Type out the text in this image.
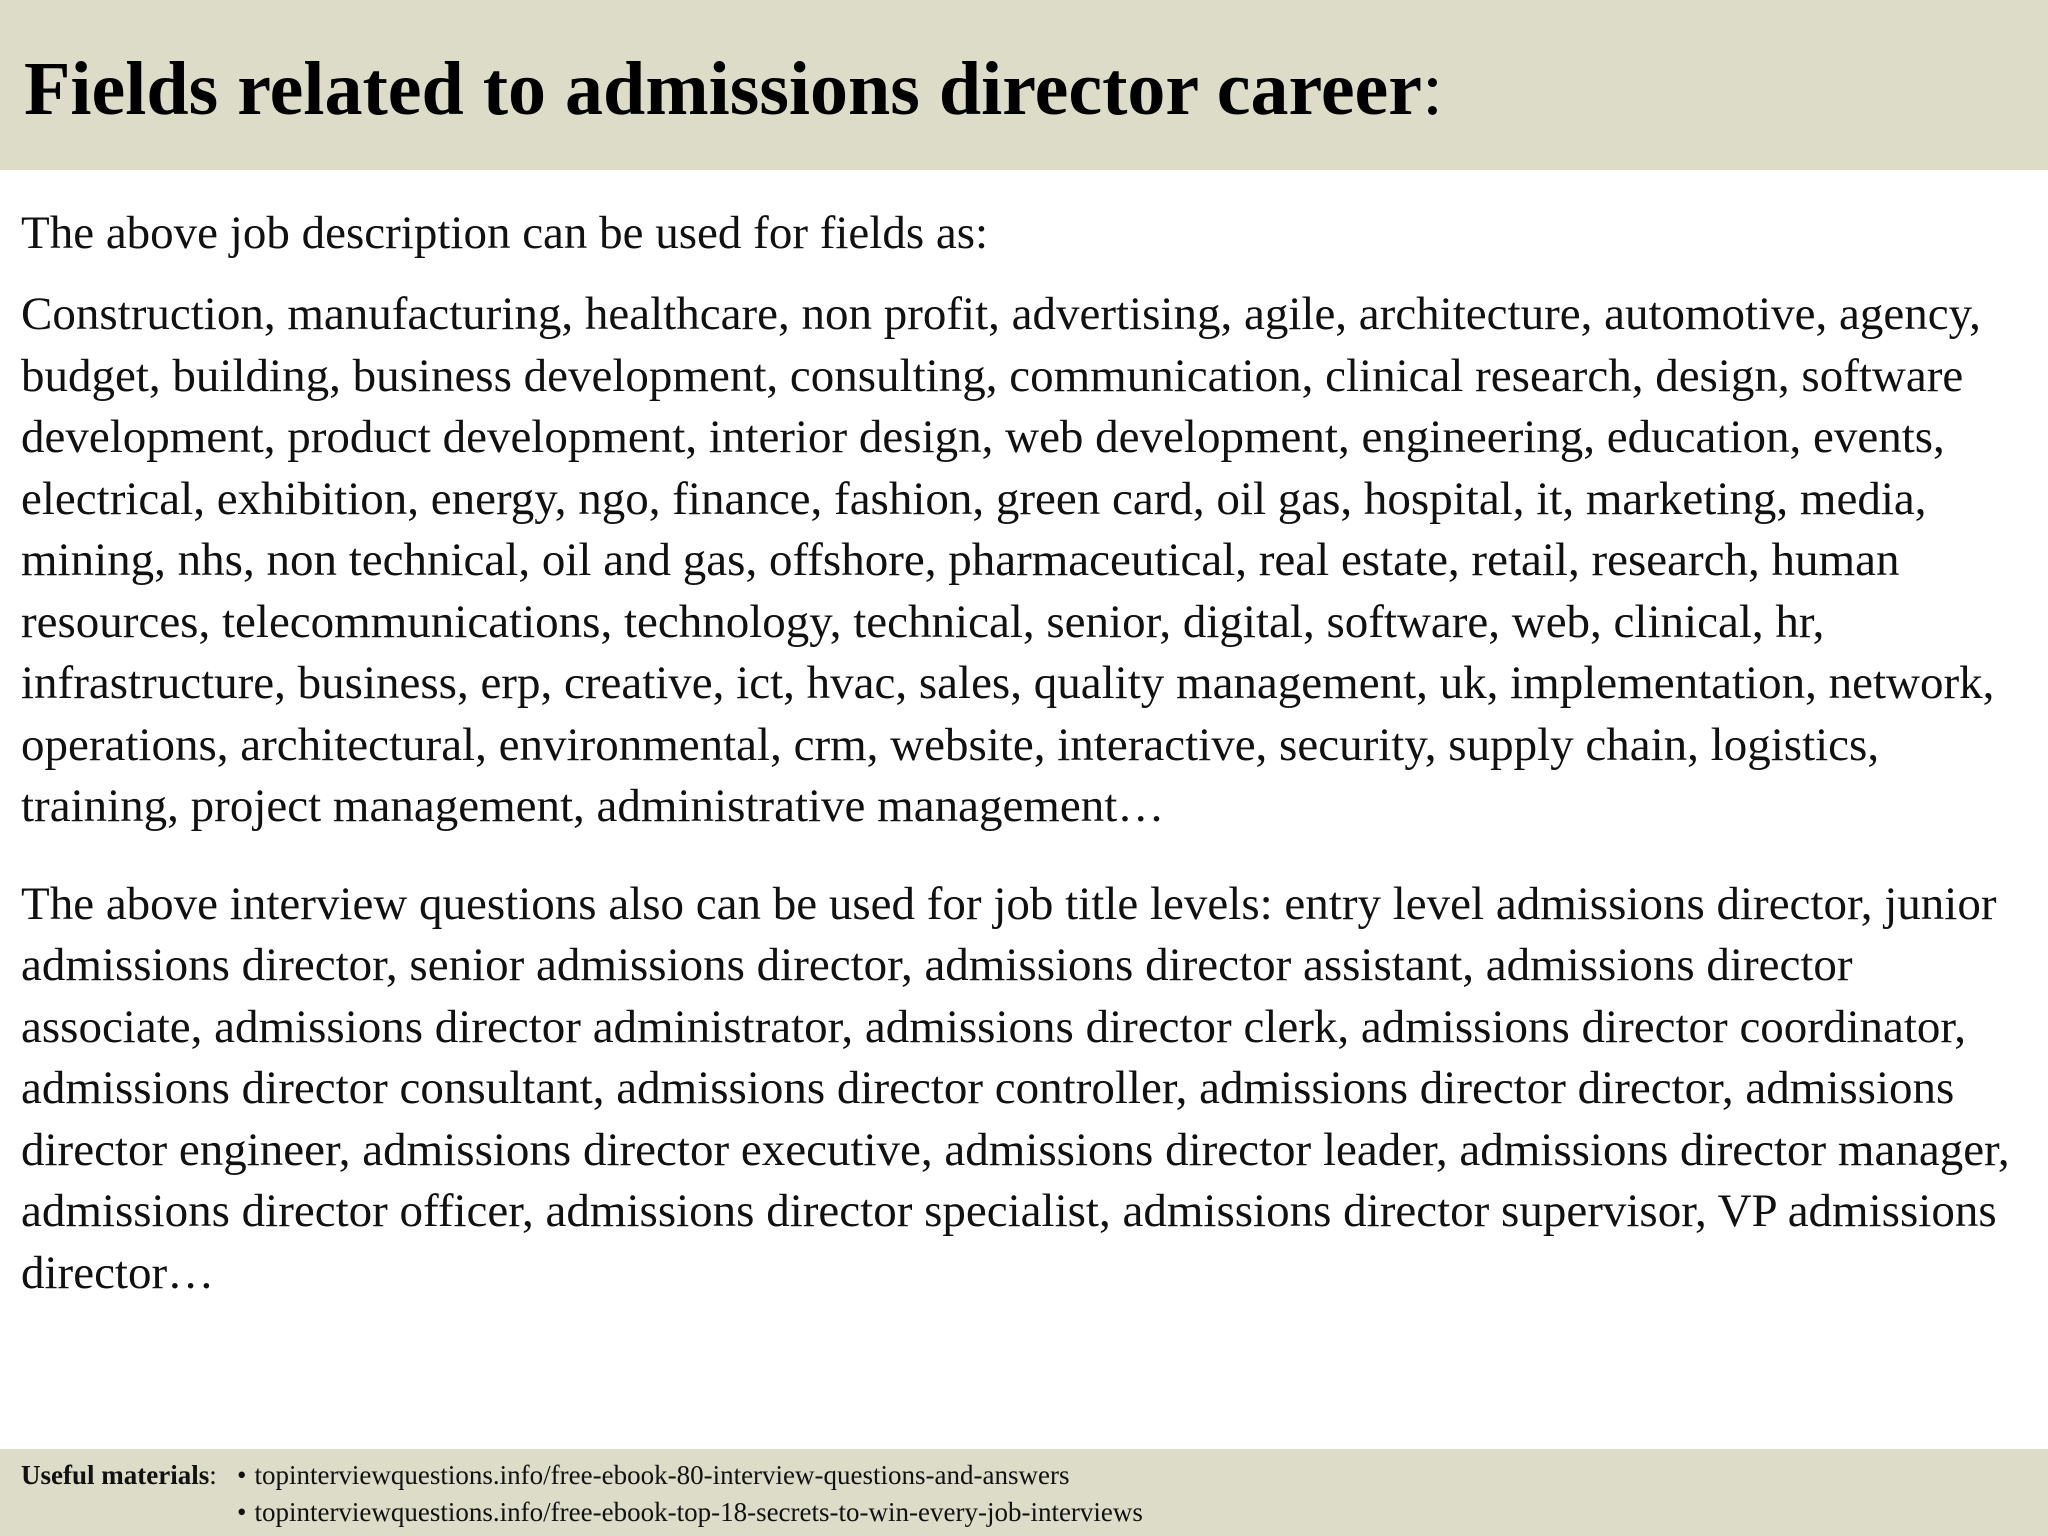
Fields related to admissions director career:

The above job description can be used for fields as:

Construction, manufacturing, healthcare, non profit, advertising, agile, architecture, automotive, agency, budget, building, business development, consulting, communication, clinical research, design, software development, product development, interior design, web development, engineering, education, events, electrical, exhibition, energy, ngo, finance, fashion, green card, oil gas, hospital, it, marketing, media, mining, nhs, non technical, oil and gas, offshore, pharmaceutical, real estate, retail, research, human resources, telecommunications, technology, technical, senior, digital, software, web, clinical, hr, infrastructure, business, erp, creative, ict, hvac, sales, quality management, uk, implementation, network, operations, architectural, environmental, crm, website, interactive, security, supply chain, logistics, training, project management, administrative management…

The above interview questions also can be used for job title levels: entry level admissions director, junior admissions director, senior admissions director, admissions director assistant, admissions director associate, admissions director administrator, admissions director clerk, admissions director coordinator, admissions director consultant, admissions director controller, admissions director director, admissions director engineer, admissions director executive, admissions director leader, admissions director manager, admissions director officer, admissions director specialist, admissions director supervisor, VP admissions director…

Useful materials: • topinterviewquestions.info/free-ebook-80-interview-questions-and-answers
• topinterviewquestions.info/free-ebook-top-18-secrets-to-win-every-job-interviews
